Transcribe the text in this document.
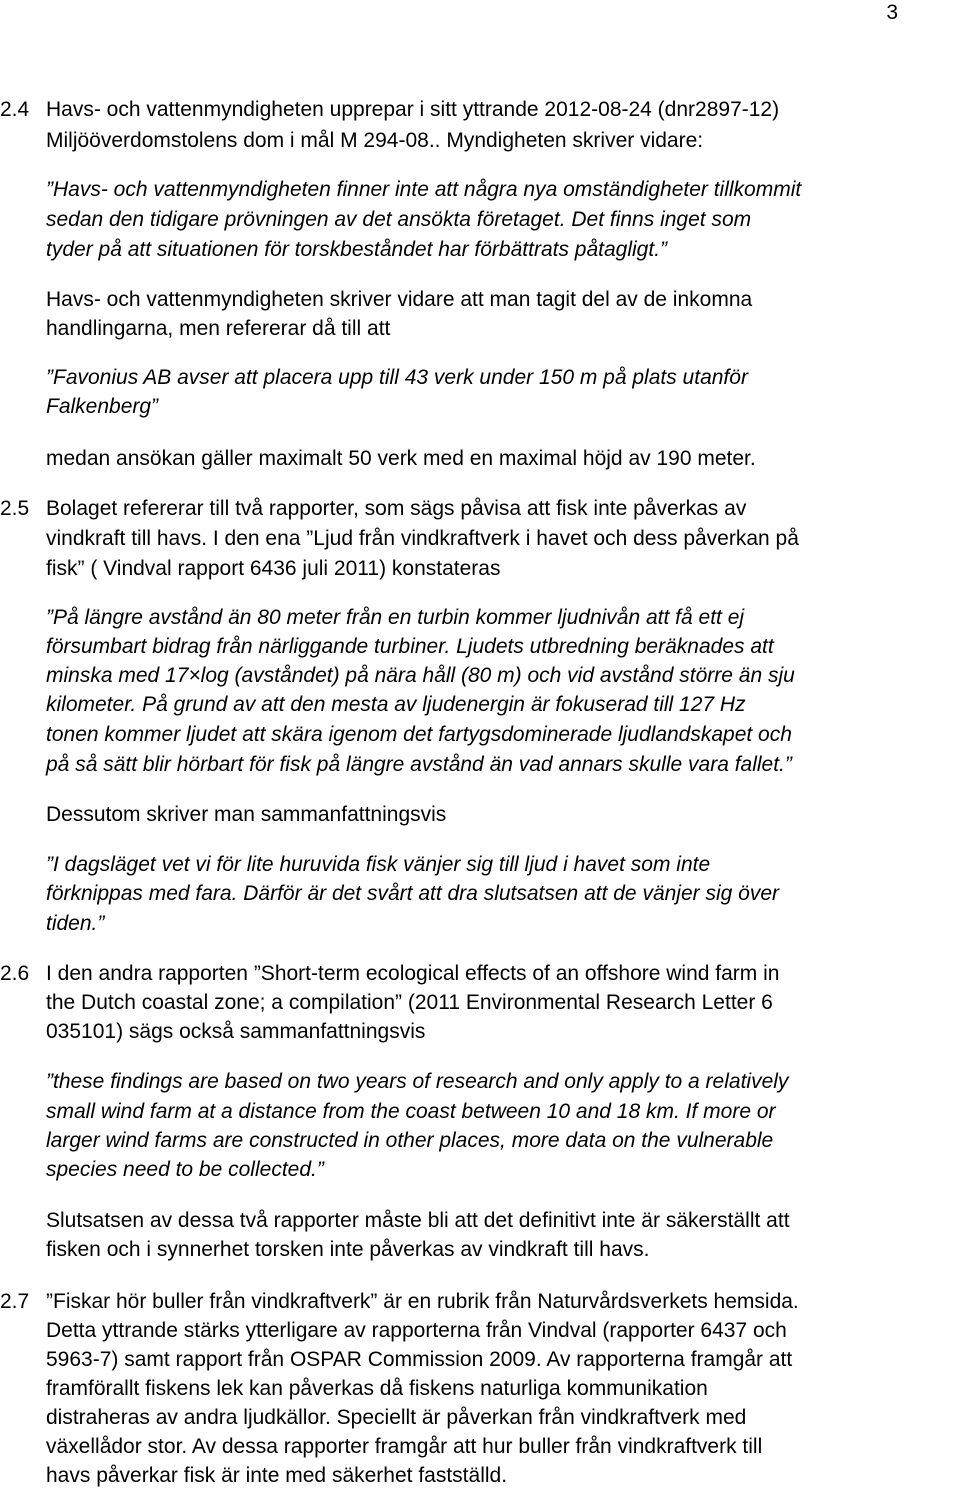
3
2.4 Havs- och vattenmyndigheten upprepar i sitt yttrande 2012-08-24 (dnr2897-12)
Miljööverdomstolens dom i mål M 294-08.. Myndigheten skriver vidare:
”Havs- och vattenmyndigheten finner inte att några nya omständigheter tillkommit
sedan den tidigare prövningen av det ansökta företaget. Det finns inget som
tyder på att situationen för torskbeståndet har förbättrats påtagligt.”
Havs- och vattenmyndigheten skriver vidare att man tagit del av de inkomna
handlingarna, men refererar då till att
”Favonius AB avser att placera upp till 43 verk under 150 m på plats utanför
Falkenberg”
medan ansökan gäller maximalt 50 verk med en maximal höjd av 190 meter.
2.5 Bolaget refererar till två rapporter, som sägs påvisa att fisk inte påverkas av
vindkraft till havs. I den ena ”Ljud från vindkraftverk i havet och dess påverkan på
fisk” ( Vindval rapport 6436 juli 2011) konstateras
”På längre avstånd än 80 meter från en turbin kommer ljudnivån att få ett ej
försumbart bidrag från närliggande turbiner. Ljudets utbredning beräknades att
minska med 17×log (avståndet) på nära håll (80 m) och vid avstånd större än sju
kilometer. På grund av att den mesta av ljudenergin är fokuserad till 127 Hz
tonen kommer ljudet att skära igenom det fartygsdominerade ljudlandskapet och
på så sätt blir hörbart för fisk på längre avstånd än vad annars skulle vara fallet.”
Dessutom skriver man sammanfattningsvis
”I dagsläget vet vi för lite huruvida fisk vänjer sig till ljud i havet som inte
förknippas med fara. Därför är det svårt att dra slutsatsen att de vänjer sig över
tiden.”
2.6 I den andra rapporten ”Short-term ecological effects of an offshore wind farm in
the Dutch coastal zone; a compilation” (2011 Environmental Research Letter 6
035101) sägs också sammanfattningsvis
”these findings are based on two years of research and only apply to a relatively
small wind farm at a distance from the coast between 10 and 18 km. If more or
larger wind farms are constructed in other places, more data on the vulnerable
species need to be collected.”
Slutsatsen av dessa två rapporter måste bli att det definitivt inte är säkerställt att
fisken och i synnerhet torsken inte påverkas av vindkraft till havs.
2.7 ”Fiskar hör buller från vindkraftverk” är en rubrik från Naturvårdsverkets hemsida.
Detta yttrande stärks ytterligare av rapporterna från Vindval (rapporter 6437 och
5963-7) samt rapport från OSPAR Commission 2009. Av rapporterna framgår att
framförallt fiskens lek kan påverkas då fiskens naturliga kommunikation
distraheras av andra ljudkällor. Speciellt är påverkan från vindkraftverk med
växellådor stor. Av dessa rapporter framgår att hur buller från vindkraftverk till
havs påverkar fisk är inte med säkerhet fastställd.
